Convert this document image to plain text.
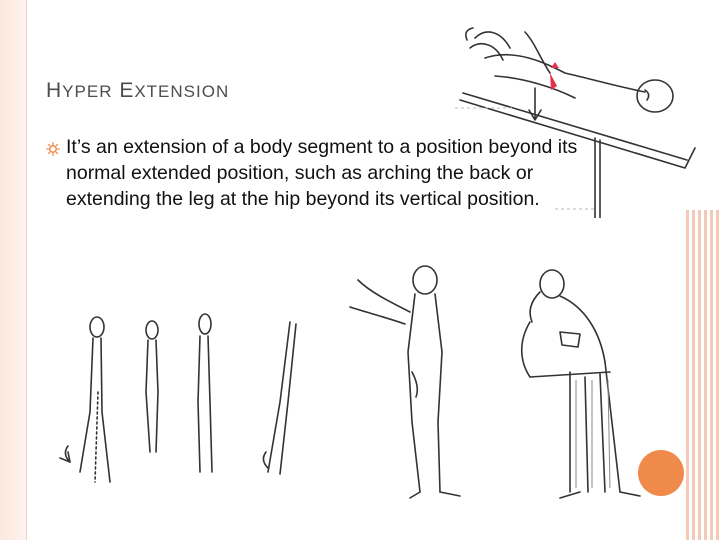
HYPER EXTENSION
It’s an extension of a body segment to a position beyond its normal extended position, such as arching the back or extending the leg at the hip beyond its vertical position.
